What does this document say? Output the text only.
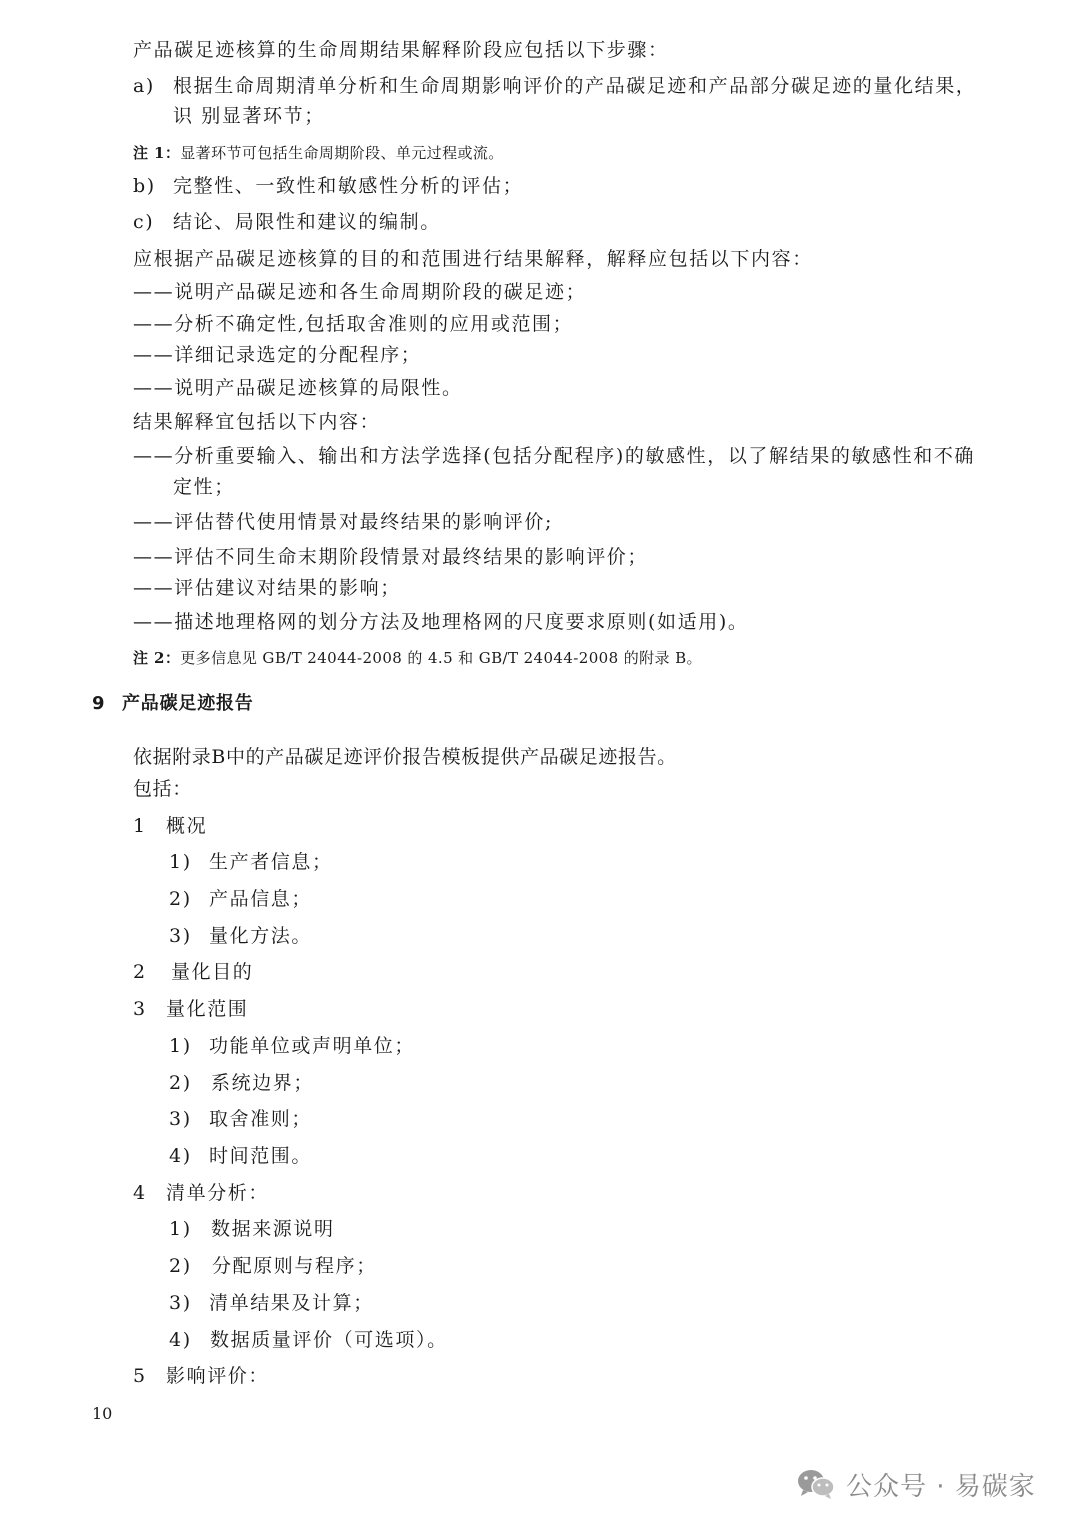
产品碳足迹核算的生命周期结果解释阶段应包括以下步骤：
a) 根据生命周期清单分析和生命周期影响评价的产品碳足迹和产品部分碳足迹的量化结果，
识 别显著环节；
注 1：显著环节可包括生命周期阶段、单元过程或流。
b) 完整性、一致性和敏感性分析的评估；
c) 结论、局限性和建议的编制。
应根据产品碳足迹核算的目的和范围进行结果解释，解释应包括以下内容：
——说明产品碳足迹和各生命周期阶段的碳足迹；
——分析不确定性,包括取舍准则的应用或范围；
——详细记录选定的分配程序；
——说明产品碳足迹核算的局限性。
结果解释宜包括以下内容：
——分析重要输入、输出和方法学选择(包括分配程序)的敏感性，以了解结果的敏感性和不确
定性；
——评估替代使用情景对最终结果的影响评价;
——评估不同生命末期阶段情景对最终结果的影响评价；
——评估建议对结果的影响；
——描述地理格网的划分方法及地理格网的尺度要求原则(如适用)。
注 2：更多信息见 GB/T 24044-2008 的 4.5 和 GB/T 24044-2008 的附录 B。
9 产品碳足迹报告
依据附录B中的产品碳足迹评价报告模板提供产品碳足迹报告。
包括：
1 概况
1) 生产者信息；
2) 产品信息；
3) 量化方法。
2 量化目的
3 量化范围
1) 功能单位或声明单位；
2) 系统边界；
3) 取舍准则；
4) 时间范围。
4 清单分析：
1) 数据来源说明
2) 分配原则与程序；
3) 清单结果及计算；
4) 数据质量评价（可选项）。
5 影响评价：
10
公众号 · 易碳家
